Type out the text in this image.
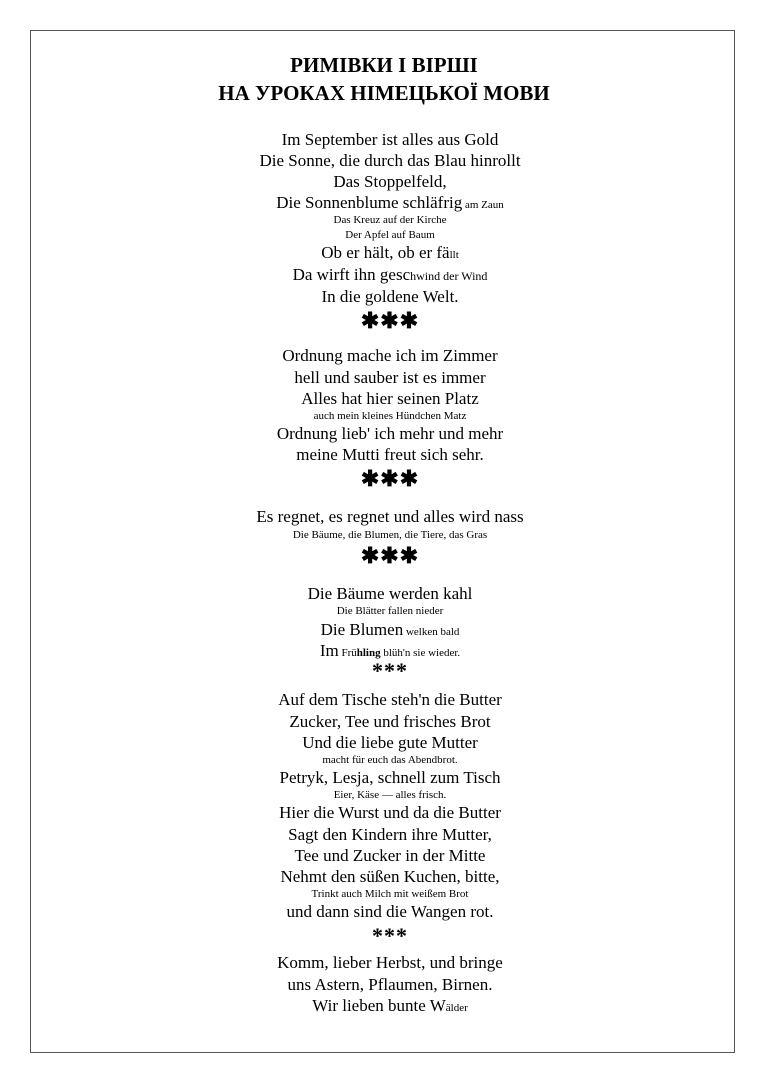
РИМІВКИ І ВІРШІ
НА УРОКАХ НІМЕЦЬКОЇ МОВИ
Im September ist alles aus Gold
Die Sonne, die durch das Blau hinrollt
Das Stoppelfeld,
Die Sonnenblume schläfrig am Zaun
Das Kreuz auf der Kirche
Der Apfel auf Baum
Ob er hält, ob er fällt
Da wirft ihn geschwind der Wind
In die goldene Welt.
✱✱✱
Ordnung mache ich im Zimmer
hell und sauber ist es immer
Alles hat hier seinen Platz
auch mein kleines Hündchen Matz
Ordnung lieb' ich mehr und mehr
meine Mutti freut sich sehr.
✱✱✱
Es regnet, es regnet und alles wird nass
Die Bäume, die Blumen, die Tiere, das Gras
✱✱✱
Die Bäume werden kahl
Die Blätter fallen nieder
Die Blumen welken bald
Im Frühling blüh'n sie wieder.
***
Auf dem Tische steh'n die Butter
Zucker, Tee und frisches Brot
Und die liebe gute Mutter
macht für euch das Abendbrot.
Petryk, Lesja, schnell zum Tisch
Eier, Käse — alles frisch.
Hier die Wurst und da die Butter
Sagt den Kindern ihre Mutter,
Tee und Zucker in der Mitte
Nehmt den süßen Kuchen, bitte,
Trinkt auch Milch mit weißem Brot
und dann sind die Wangen rot.
***
Komm, lieber Herbst, und bringe
uns Astern, Pflaumen, Birnen.
Wir lieben bunte Wälder
